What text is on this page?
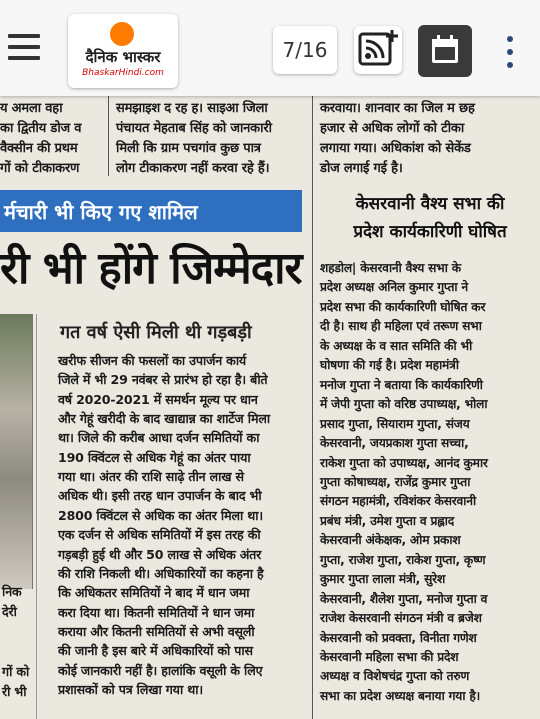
दैनिक भास्कर
BhaskarHindi.com
7/16
य अमला वहा
का द्वितीय डोज व
वैक्सीन की प्रथम
गों को टीकाकरण
समझाइश द रह ह। साइआ जिला
पंचायत मेहताब सिंह को जानकारी
मिली कि ग्राम पचगांव कुछ पात्र
लोग टीकाकरण नहीं करवा रहे हैं।
करवाया। शानवार का जिल म छह
हजार से अधिक लोगों को टीका
लगाया गया। अधिकांश को सेकेंड
डोज लगाई गई है।
र्मचारी भी किए गए शामिल
री भी होंगे जिम्मेदार
गत वर्ष ऐसी मिली थी गड़बड़ी
निक
देरी
गों को
री भी
खरीफ सीजन की फसलों का उपार्जन कार्य
जिले में भी 29 नवंबर से प्रारंभ हो रहा है। बीते
वर्ष 2020-2021 में समर्थन मूल्य पर धान
और गेहूं खरीदी के बाद खाद्यान्न का शार्टेज मिला
था। जिले की करीब आधा दर्जन समितियों का
190 क्विंटल से अधिक गेहूं का अंतर पाया
गया था। अंतर की राशि साढ़े तीन लाख से
अधिक थी। इसी तरह धान उपार्जन के बाद भी
2800 क्विंटल से अधिक का अंतर मिला था।
एक दर्जन से अधिक समितियों में इस तरह की
गड़बड़ी हुई थी और 50 लाख से अधिक अंतर
की राशि निकली थी। अधिकारियों का कहना है
कि अधिकतर समितियों ने बाद में धान जमा
करा दिया था। कितनी समितियों ने धान जमा
कराया और कितनी समितियों से अभी वसूली
की जानी है इस बारे में अधिकारियों को पास
कोई जानकारी नहीं है। हालांकि वसूली के लिए
प्रशासकों को पत्र लिखा गया था।
केसरवानी वैश्य सभा की
प्रदेश कार्यकारिणी घोषित
शहडोल| केसरवानी वैश्य सभा के
प्रदेश अध्यक्ष अनिल कुमार गुप्ता ने
प्रदेश सभा की कार्यकारिणी घोषित कर
दी है। साथ ही महिला एवं तरूण सभा
के अध्यक्ष के व सात समिति की भी
घोषणा की गई है। प्रदेश महामंत्री
मनोज गुप्ता ने बताया कि कार्यकारिणी
में जेपी गुप्ता को वरिष्ठ उपाध्यक्ष, भोला
प्रसाद गुप्ता, सियाराम गुप्ता, संजय
केसरवानी, जयप्रकाश गुप्ता सच्चा,
राकेश गुप्ता को उपाध्यक्ष, आनंद कुमार
गुप्ता कोषाध्यक्ष, राजेंद्र कुमार गुप्ता
संगठन महामंत्री, रविशंकर केसरवानी
प्रबंध मंत्री, उमेश गुप्ता व प्रह्लाद
केसरवानी अंकेक्षक, ओम प्रकाश
गुप्ता, राजेश गुप्ता, राकेश गुप्ता, कृष्ण
कुमार गुप्ता लाला मंत्री, सुरेश
केसरवानी, शैलेश गुप्ता, मनोज गुप्ता व
राजेश केसरवानी संगठन मंत्री व ब्रजेश
केसरवानी को प्रवक्ता, विनीता गणेश
केसरवानी महिला सभा की प्रदेश
अध्यक्ष व विशेषचंद्र गुप्ता को तरुण
सभा का प्रदेश अध्यक्ष बनाया गया है।
